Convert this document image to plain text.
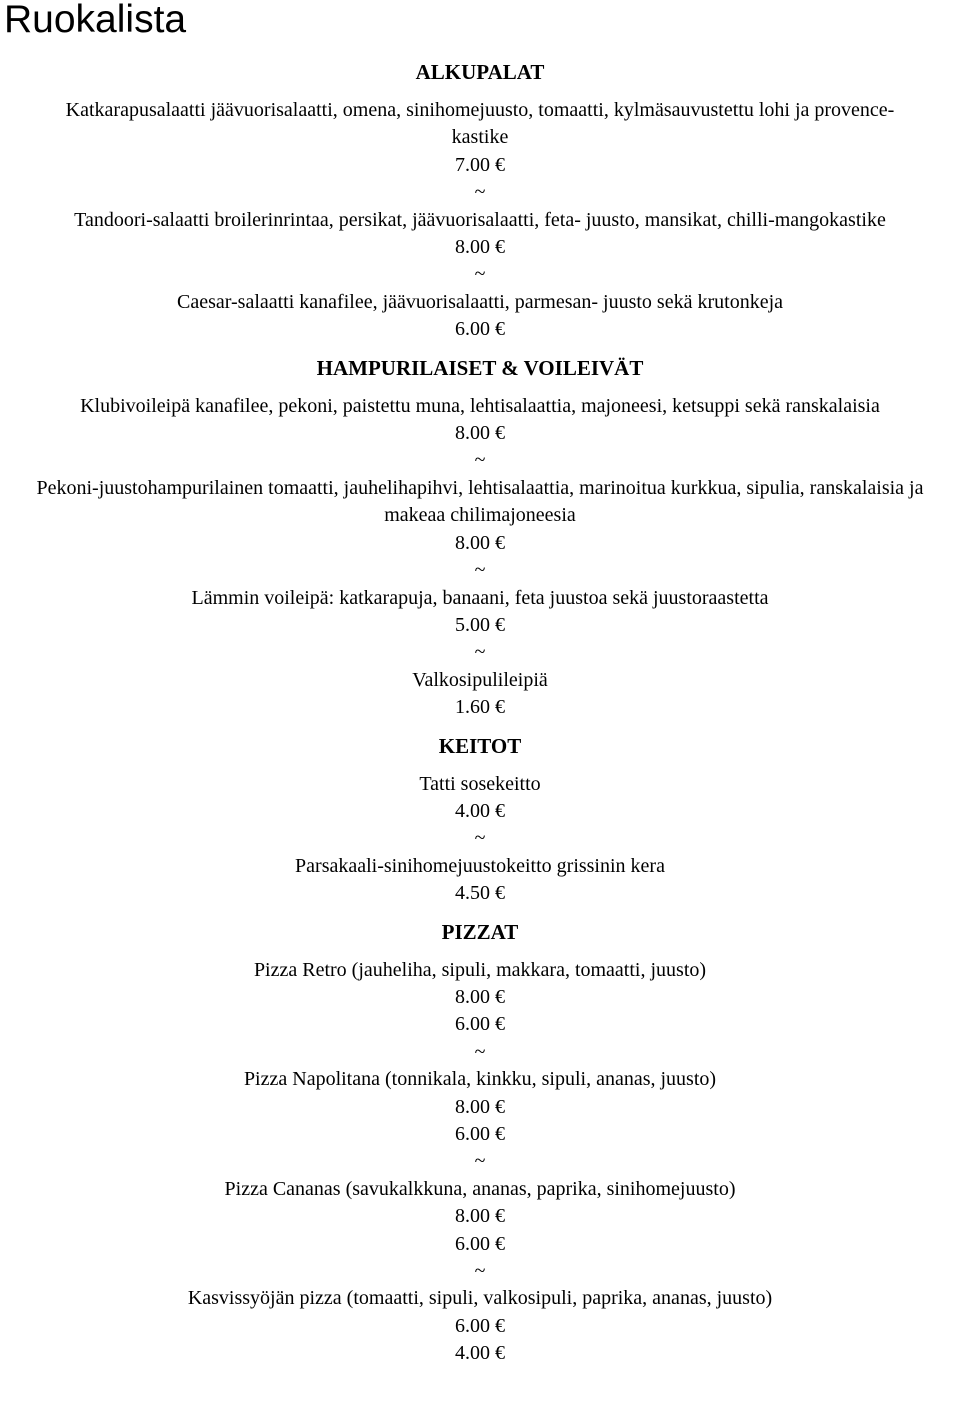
Ruokalista
ALKUPALAT

Katkarapusalaatti jäävuorisalaatti, omena, sinihomejuusto, tomaatti, kylmäsauvustettu lohi ja provence- kastike

7.00 €

~

Tandoori-salaatti broilerinrintaa, persikat, jäävuorisalaatti, feta- juusto, mansikat, chilli-mangokastike

8.00 €

~

Caesar-salaatti kanafilee, jäävuorisalaatti, parmesan- juusto sekä krutonkeja

6.00 €

HAMPURILAISET & VOILEIVÄT

Klubivoileipä kanafilee, pekoni, paistettu muna, lehtisalaattia, majoneesi, ketsuppi sekä ranskalaisia

8.00 €

~

Pekoni-juustohampurilainen tomaatti, jauhelihapihvi, lehtisalaattia, marinoitua kurkkua, sipulia, ranskalaisia ja makeaa chilimajoneesia

8.00 €

~

Lämmin voileipä: katkarapuja, banaani, feta juustoa sekä juustoraastetta

5.00 €

~

Valkosipulileipiä

1.60 €

KEITOT

Tatti sosekeitto

4.00 €

~

Parsakaali-sinihomejuustokeitto grissinin kera

4.50 €

PIZZAT

Pizza Retro (jauheliha, sipuli, makkara, tomaatti, juusto)

8.00 €

6.00 €

~

Pizza Napolitana (tonnikala, kinkku, sipuli, ananas, juusto)

8.00 €

6.00 €

~

Pizza Cananas (savukalkkuna, ananas, paprika, sinihomejuusto)

8.00 €

6.00 €

~

Kasvissyöjän pizza (tomaatti, sipuli, valkosipuli, paprika, ananas, juusto)

6.00 €

4.00 €
